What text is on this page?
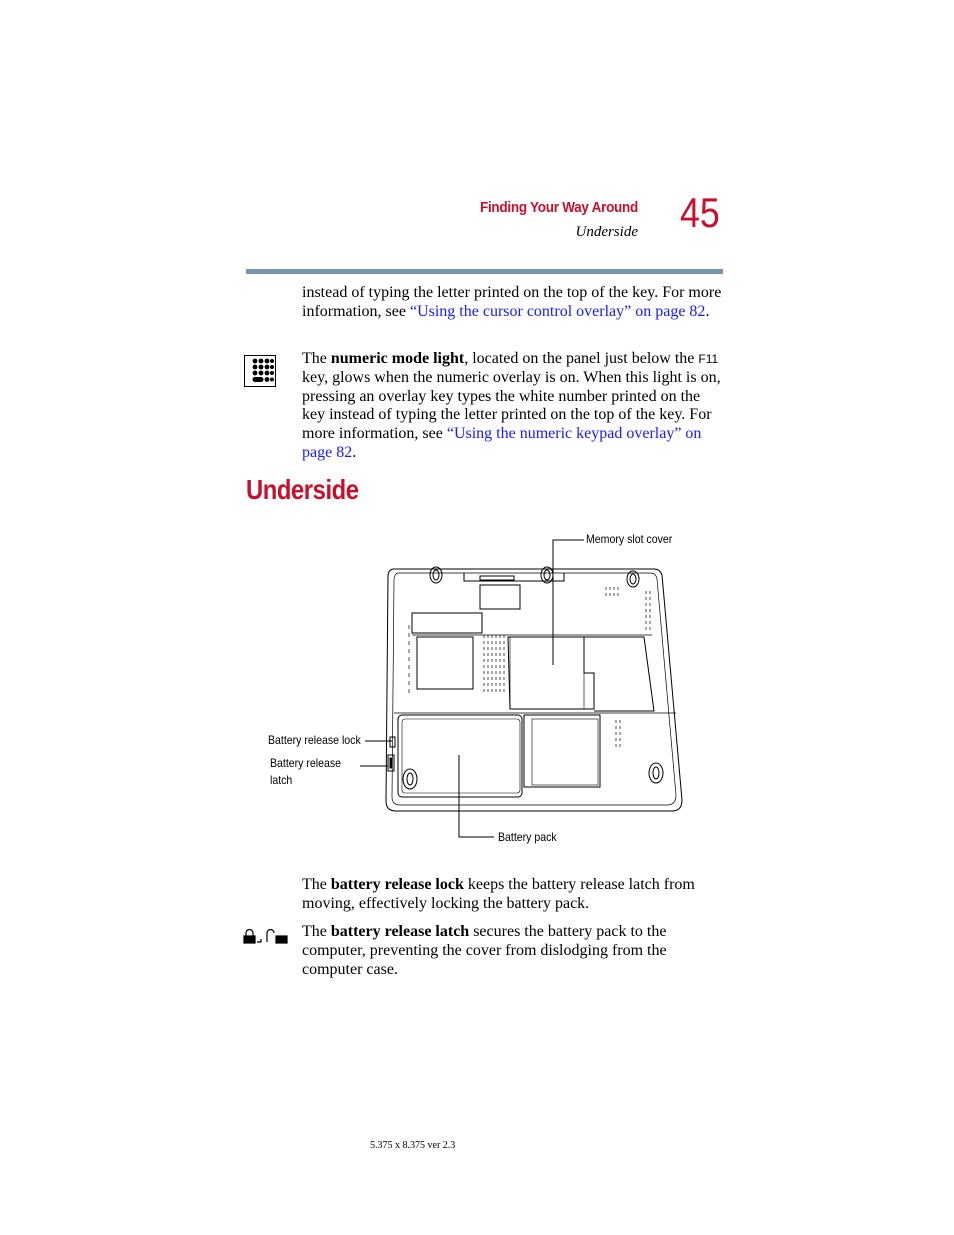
Finding Your Way Around
Underside 45
instead of typing the letter printed on the top of the key. For more information, see “Using the cursor control overlay” on page 82.
The numeric mode light, located on the panel just below the F11 key, glows when the numeric overlay is on. When this light is on, pressing an overlay key types the white number printed on the key instead of typing the letter printed on the top of the key. For more information, see “Using the numeric keypad overlay” on page 82.
Underside
Memory slot cover
Battery release lock
Battery release
latch
Battery pack
The battery release lock keeps the battery release latch from moving, effectively locking the battery pack.
The battery release latch secures the battery pack to the computer, preventing the cover from dislodging from the computer case.
5.375 x 8.375 ver 2.3
